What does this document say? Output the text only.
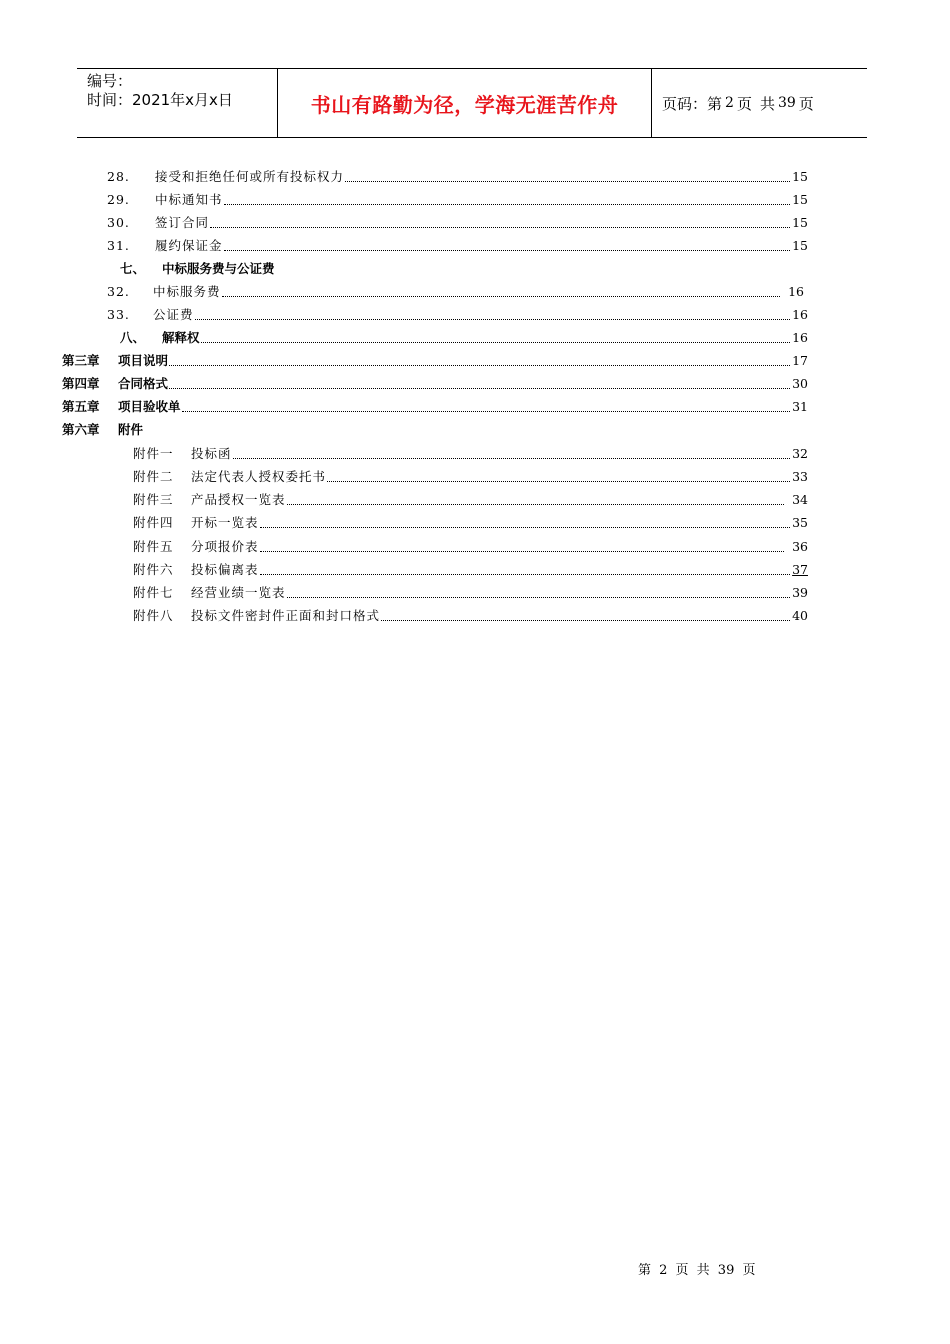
编号：
时间：2021年x月x日	书山有路勤为径，学海无涯苦作舟	页码：第 2 页 共 39 页
28. 接受和拒绝任何或所有投标权力	15
29. 中标通知书	15
30. 签订合同	15
31. 履约保证金	15
七、 中标服务费与公证费
32. 中标服务费	16
33. 公证费	16
八、 解释权	16
第三章 项目说明	17
第四章 合同格式	30
第五章 项目验收单	31
第六章 附件
附件一 投标函	32
附件二 法定代表人授权委托书	33
附件三 产品授权一览表	34
附件四 开标一览表	35
附件五 分项报价表	36
附件六 投标偏离表	37
附件七 经营业绩一览表	39
附件八 投标文件密封件正面和封口格式	40
第 2 页 共 39 页
